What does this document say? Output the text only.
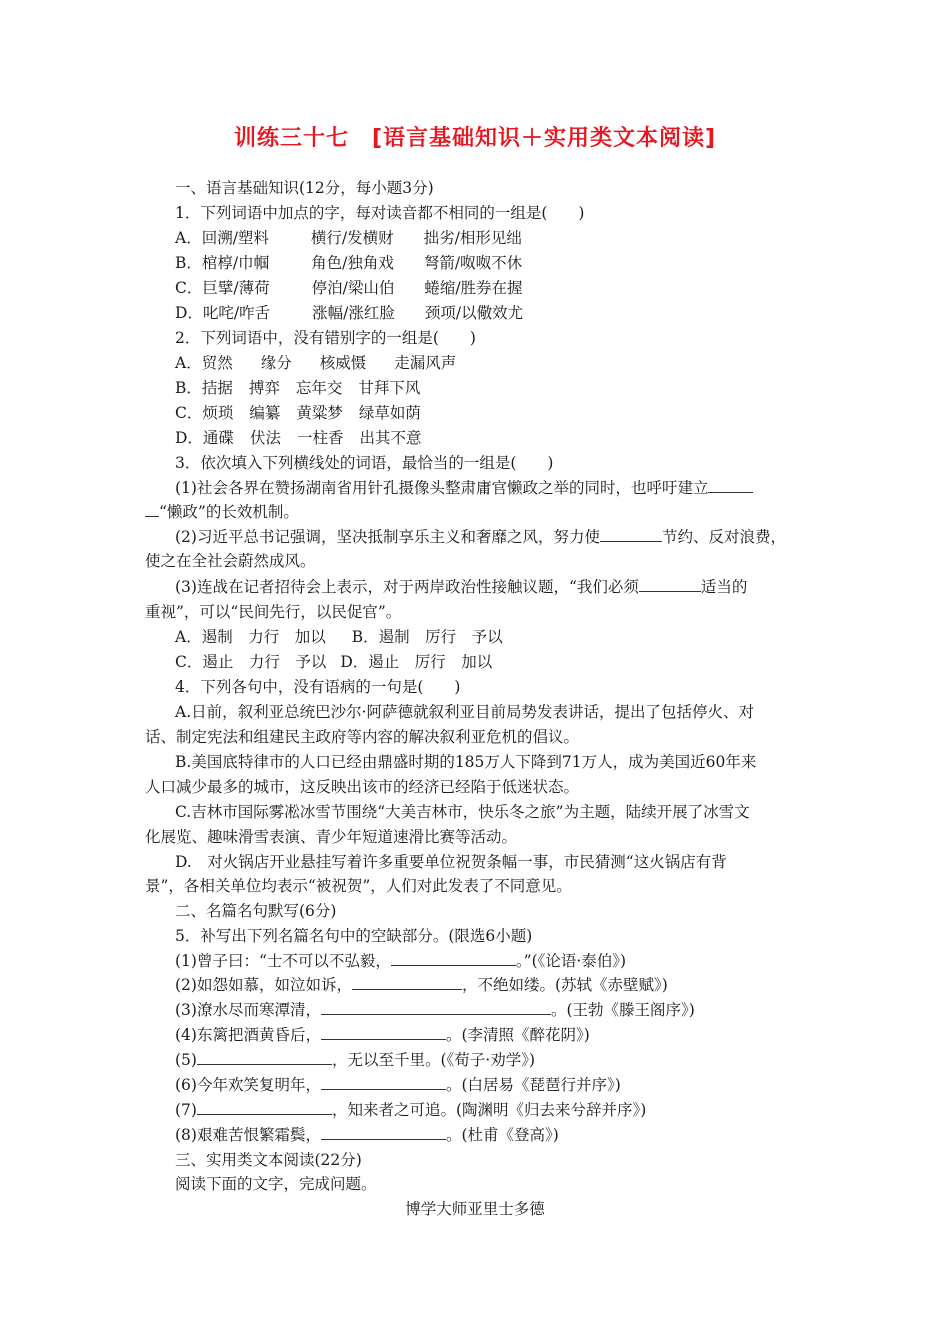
训练三十七　[语言基础知识＋实用类文本阅读]
一、语言基础知识(12分，每小题3分)
1．下列词语中加点的字，每对读音都不相同的一组是(　　)
A．回溯/塑料	横行/发横财 拙劣/相形见绌
B．棺椁/巾帼	角色/独角戏 弩箭/呶呶不休
C．巨擘/薄荷	停泊/梁山伯 蜷缩/胜券在握
D．叱咤/咋舌	涨幅/涨红脸 颈项/以儆效尤
2．下列词语中，没有错别字的一组是(　　)
A．贸然 缘分 核威慑 走漏风声
B．拮据 搏弈 忘年交 甘拜下风
C．烦琐 编纂 黄粱梦 绿草如荫
D．通碟 伏法 一柱香 出其不意
3．依次填入下列横线处的词语，最恰当的一组是(　　)
(1)社会各界在赞扬湖南省用针孔摄像头整肃庸官懒政之举的同时，也呼吁建立
“懒政”的长效机制。
(2)习近平总书记强调，坚决抵制享乐主义和奢靡之风，努力使	节约、反对浪费，
使之在全社会蔚然成风。
(3)连战在记者招待会上表示，对于两岸政治性接触议题，“我们必须	适当的
重视”，可以“民间先行，以民促官”。
A．遏制　力行　加以 B．遏制　厉行　予以
C．遏止　力行　予以 D．遏止　厉行　加以
4．下列各句中，没有语病的一句是(　　)
A.日前，叙利亚总统巴沙尔·阿萨德就叙利亚目前局势发表讲话，提出了包括停火、对
话、制定宪法和组建民主政府等内容的解决叙利亚危机的倡议。
B.美国底特律市的人口已经由鼎盛时期的185万人下降到71万人，成为美国近60年来
人口减少最多的城市，这反映出该市的经济已经陷于低迷状态。
C.吉林市国际雾凇冰雪节围绕“大美吉林市，快乐冬之旅”为主题，陆续开展了冰雪文
化展览、趣味滑雪表演、青少年短道速滑比赛等活动。
D.　对火锅店开业悬挂写着许多重要单位祝贺条幅一事，市民猜测“这火锅店有背
景”，各相关单位均表示“被祝贺”，人们对此发表了不同意见。
二、名篇名句默写(6分)
5．补写出下列名篇名句中的空缺部分。(限选6小题)
(1)曾子曰：“士不可以不弘毅，	。”(《论语·泰伯》)
(2)如怨如慕，如泣如诉，	，不绝如缕。(苏轼《赤壁赋》)
(3)潦水尽而寒潭清，	。(王勃《滕王阁序》)
(4)东篱把酒黄昏后，	。(李清照《醉花阴》)
(5)	，无以至千里。(《荀子·劝学》)
(6)今年欢笑复明年，	。(白居易《琵琶行并序》)
(7)	，知来者之可追。(陶渊明《归去来兮辞并序》)
(8)艰难苦恨繁霜鬓，	。(杜甫《登高》)
三、实用类文本阅读(22分)
阅读下面的文字，完成问题。
博学大师亚里士多德
